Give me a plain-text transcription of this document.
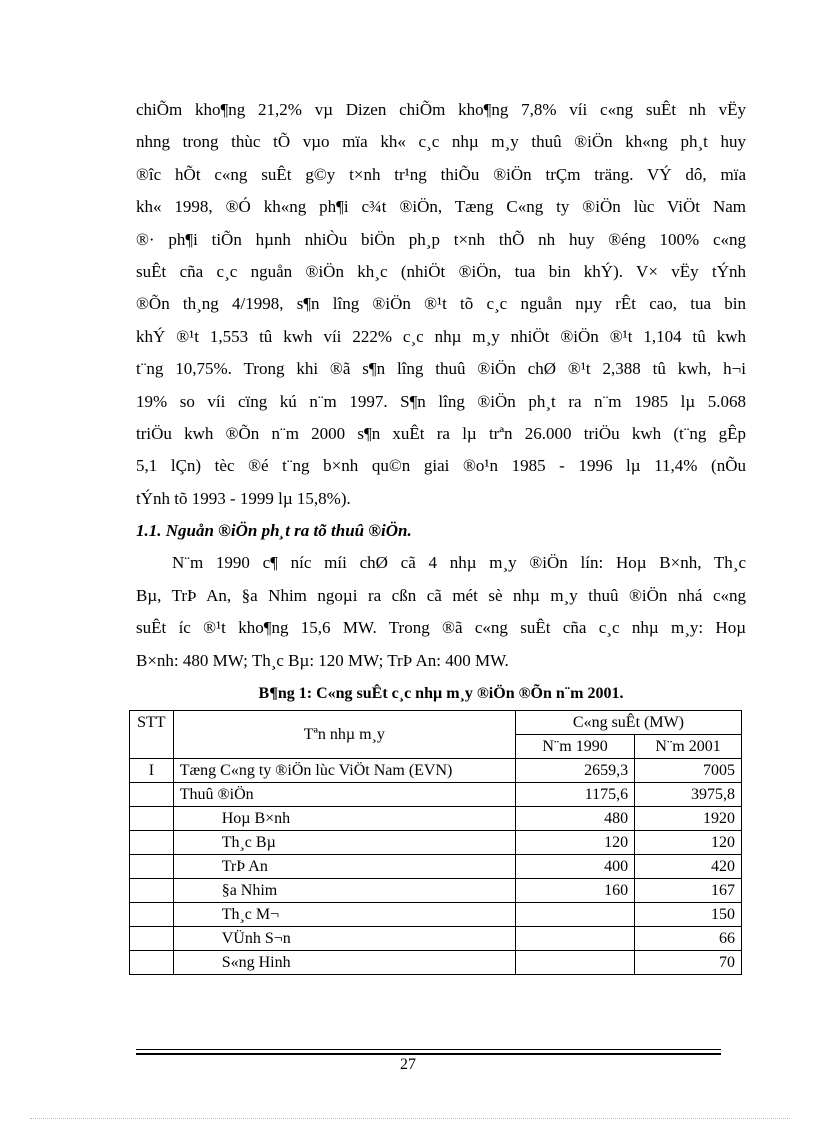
chiÕm kho¶ng 21,2% vµ Dizen chiÕm kho¶ng 7,8% víi c«ng suÊt nh vËy

nhng trong thùc tÕ vµo mïa kh« c¸c nhµ m¸y thuû ®iÖn kh«ng ph¸t huy

®îc hÕt c«ng suÊt g©y t×nh tr¹ng thiÕu ®iÖn trÇm träng. VÝ dô, mïa

kh« 1998, ®Ó kh«ng ph¶i c¾t ®iÖn, Tæng C«ng ty ®iÖn lùc ViÖt Nam

®· ph¶i tiÕn hµnh nhiÒu biÖn ph¸p t×nh thÕ nh huy ®éng 100% c«ng

suÊt cña c¸c nguån ®iÖn kh¸c (nhiÖt ®iÖn, tua bin khÝ). V× vËy tÝnh

®Õn th¸ng 4/1998, s¶n lîng ®iÖn ®¹t tõ c¸c nguån nµy rÊt cao, tua bin

khÝ ®¹t 1,553 tû kwh víi 222% c¸c nhµ m¸y nhiÖt ®iÖn ®¹t 1,104 tû kwh

t¨ng 10,75%. Trong khi ®ã s¶n lîng thuû ®iÖn chØ ®¹t 2,388 tû kwh, h¬i

19% so víi cïng kú n¨m 1997. S¶n lîng ®iÖn ph¸t ra n¨m 1985 lµ 5.068

triÖu kwh ®Õn n¨m 2000 s¶n xuÊt ra lµ trªn 26.000 triÖu kwh (t¨ng gÊp

5,1 lÇn) tèc ®é t¨ng b×nh qu©n giai ®o¹n 1985 - 1996 lµ 11,4% (nÕu

tÝnh tõ 1993 - 1999 lµ 15,8%).

1.1. Nguån ®iÖn ph¸t ra tõ thuû ®iÖn.

N¨m 1990 c¶ níc míi chØ cã 4 nhµ m¸y ®iÖn lín: Hoµ B×nh, Th¸c

Bµ, TrÞ An, §a Nhim ngoµi ra cßn cã mét sè nhµ m¸y thuû ®iÖn nhá c«ng

suÊt íc ®¹t kho¶ng 15,6 MW. Trong ®ã c«ng suÊt cña c¸c nhµ m¸y: Hoµ

B×nh: 480 MW; Th¸c Bµ: 120 MW; TrÞ An: 400 MW.

B¶ng 1: C«ng suÊt c¸c nhµ m¸y ®iÖn ®Õn n¨m 2001.

STT	Tªn nhµ m¸y	C«ng suÊt (MW)	
		N¨m 1990	N¨m 2001
I	Tæng C«ng ty ®iÖn lùc ViÖt Nam (EVN)	2659,3	7005
	Thuû ®iÖn	1175,6	3975,8
	Hoµ B×nh	480	1920
	Th¸c Bµ	120	120
	TrÞ An	400	420
	§a Nhim	160	167
	Th¸c M¬		150
	VÜnh S¬n		66
	S«ng Hinh		70
27
